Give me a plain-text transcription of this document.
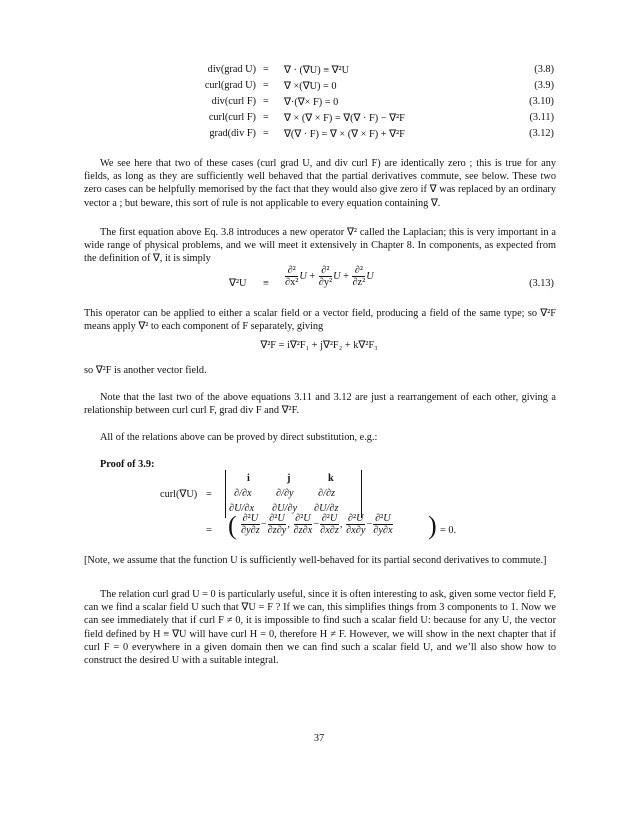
div(grad U) = ∇ · (∇U) ≡ ∇²U	(3.8)
curl(grad U) = ∇ ×(∇U) = 0	(3.9)
div(curl F) = ∇·(∇× F) = 0	(3.10)
curl(curl F) = ∇ × (∇ × F) = ∇(∇ · F) − ∇²F	(3.11)
grad(div F) = ∇(∇ · F) = ∇ × (∇ × F) + ∇²F	(3.12)

We see here that two of these cases (curl grad U, and div curl F) are identically zero ; this is true for any fields, as long as they are sufficiently well behaved that the partial derivatives commute, see below. These two zero cases can be helpfully memorised by the fact that they would also give zero if ∇ was replaced by an ordinary vector a ; but beware, this sort of rule is not applicable to every equation containing ∇.

The first equation above Eq. 3.8 introduces a new operator ∇² called the Laplacian; this is very important in a wide range of physical problems, and we will meet it extensively in Chapter 8. In components, as expected from the definition of ∇, it is simply

$\nabla^2U \equiv \frac{\text{∂²}}{\text{∂x²}}$ $U + \frac{\text{∂²}}{\text{∂y²}}$ $U + \frac{\text{∂²}}{\text{∂z²}}$ U
(3.13)

This operator can be applied to either a scalar field or a vector field, producing a field of the same type; so ∇²F means apply ∇² to each component of F separately, giving

∇²F = i∇²F₁ + j∇²F₂ + k∇²F₃

so ∇²F is another vector field.

Note that the last two of the above equations 3.11 and 3.12 are just a rearrangement of each other, giving a relationship between curl curl F, grad div F and ∇²F.

All of the relations above can be proved by direct substitution, e.g.:

Proof of 3.9:

curl(∇U) =
i	j	k
∂/∂x ∂/∂y ∂/∂z
∂U/∂x ∂U/∂y ∂U/∂z
= ( $\frac{\text{∂²U}}{\partial y\partial z} - \frac{\text{∂²U}}{\partial z\partial y}$ , $\frac{\text{∂²U}}{\partial z\partial x} - \frac{\text{∂²U}}{\partial x\partial z}$ , $\frac{\text{∂²U}}{\partial x\partial y} - \frac{\text{∂²U}}{\partial y\partial x}$ ) = 0.

[Note, we assume that the function U is sufficiently well-behaved for its partial second derivatives to commute.]

The relation curl grad U = 0 is particularly useful, since it is often interesting to ask, given some vector field F, can we find a scalar field U such that ∇U = F ? If we can, this simplifies things from 3 components to 1. Now we can see immediately that if curl F ≠ 0, it is impossible to find such a scalar field U: because for any U, the vector field defined by H ≡ ∇U will have curl H = 0, therefore H ≠ F. However, we will show in the next chapter that if curl F = 0 everywhere in a given domain then we can find such a scalar field U, and we’ll also show how to construct the desired U with a suitable integral.

37
